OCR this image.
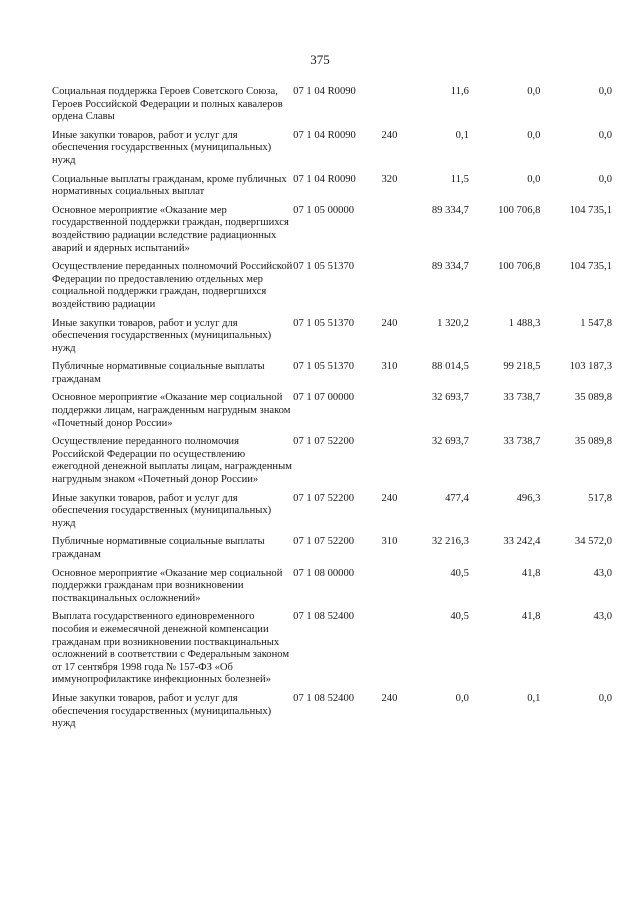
375
Социальная поддержка Героев Советского Союза, Героев Российской Федерации и полных кавалеров ордена Славы	07 1 04 R0090		11,6	0,0	0,0
Иные закупки товаров, работ и услуг для обеспечения государственных (муниципальных) нужд	07 1 04 R0090	240	0,1	0,0	0,0
Социальные выплаты гражданам, кроме публичных нормативных социальных выплат	07 1 04 R0090	320	11,5	0,0	0,0
Основное мероприятие «Оказание мер государственной поддержки граждан, подвергшихся воздействию радиации вследствие радиационных аварий и ядерных испытаний»	07 1 05 00000		89 334,7	100 706,8	104 735,1
Осуществление переданных полномочий Российской Федерации по предоставлению отдельных мер социальной поддержки граждан, подвергшихся воздействию радиации	07 1 05 51370		89 334,7	100 706,8	104 735,1
Иные закупки товаров, работ и услуг для обеспечения государственных (муниципальных) нужд	07 1 05 51370	240	1 320,2	1 488,3	1 547,8
Публичные нормативные социальные выплаты гражданам	07 1 05 51370	310	88 014,5	99 218,5	103 187,3
Основное мероприятие «Оказание мер социальной поддержки лицам, награжденным нагрудным знаком «Почетный донор России»	07 1 07 00000		32 693,7	33 738,7	35 089,8
Осуществление переданного полномочия Российской Федерации по осуществлению ежегодной денежной выплаты лицам, награжденным нагрудным знаком «Почетный донор России»	07 1 07 52200		32 693,7	33 738,7	35 089,8
Иные закупки товаров, работ и услуг для обеспечения государственных (муниципальных) нужд	07 1 07 52200	240	477,4	496,3	517,8
Публичные нормативные социальные выплаты гражданам	07 1 07 52200	310	32 216,3	33 242,4	34 572,0
Основное мероприятие «Оказание мер социальной поддержки гражданам при возникновении поствакцинальных осложнений»	07 1 08 00000		40,5	41,8	43,0
Выплата государственного единовременного пособия и ежемесячной денежной компенсации гражданам при возникновении поствакцинальных осложнений в соответствии с Федеральным законом от 17 сентября 1998 года № 157-ФЗ «Об иммунопрофилактике инфекционных болезней»	07 1 08 52400		40,5	41,8	43,0
Иные закупки товаров, работ и услуг для обеспечения государственных (муниципальных) нужд	07 1 08 52400	240	0,0	0,1	0,0
